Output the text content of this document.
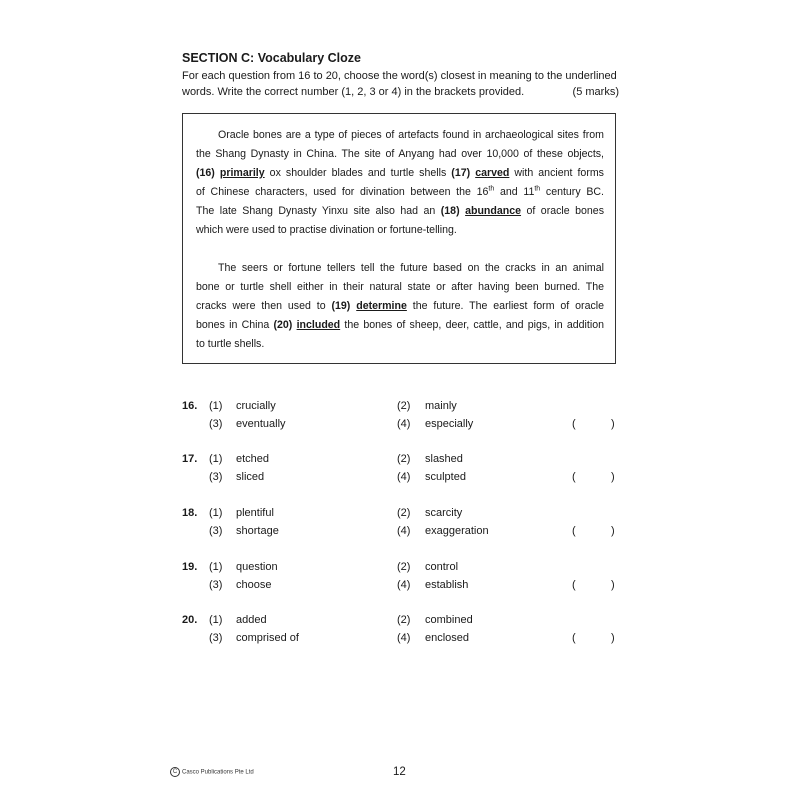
SECTION C: Vocabulary Cloze
For each question from 16 to 20, choose the word(s) closest in meaning to the underlined
words. Write the correct number (1, 2, 3 or 4) in the brackets provided.	(5 marks)
Oracle bones are a type of pieces of artefacts found in archaeological sites from
the Shang Dynasty in China. The site of Anyang had over 10,000 of these objects,
(16) primarily ox shoulder blades and turtle shells (17) carved with ancient forms
of Chinese characters, used for divination between the 16th and 11th century BC.
The late Shang Dynasty Yinxu site also had an (18) abundance of oracle bones
which were used to practise divination or fortune-telling.
The seers or fortune tellers tell the future based on the cracks in an animal
bone or turtle shell either in their natural state or after having been burned. The
cracks were then used to (19) determine the future. The earliest form of oracle
bones in China (20) included the bones of sheep, deer, cattle, and pigs, in addition
to turtle shells.
16. (1) crucially	(2) mainly
(3) eventually	(4) especially	(	)
17. (1) etched	(2) slashed
(3) sliced	(4) sculpted	(	)
18. (1) plentiful	(2) scarcity
(3) shortage	(4) exaggeration	(	)
19. (1) question	(2) control
(3) choose	(4) establish	(	)
20. (1) added	(2) combined
(3) comprised of	(4) enclosed	(	)
C Casco Publications Pte Ltd	12
